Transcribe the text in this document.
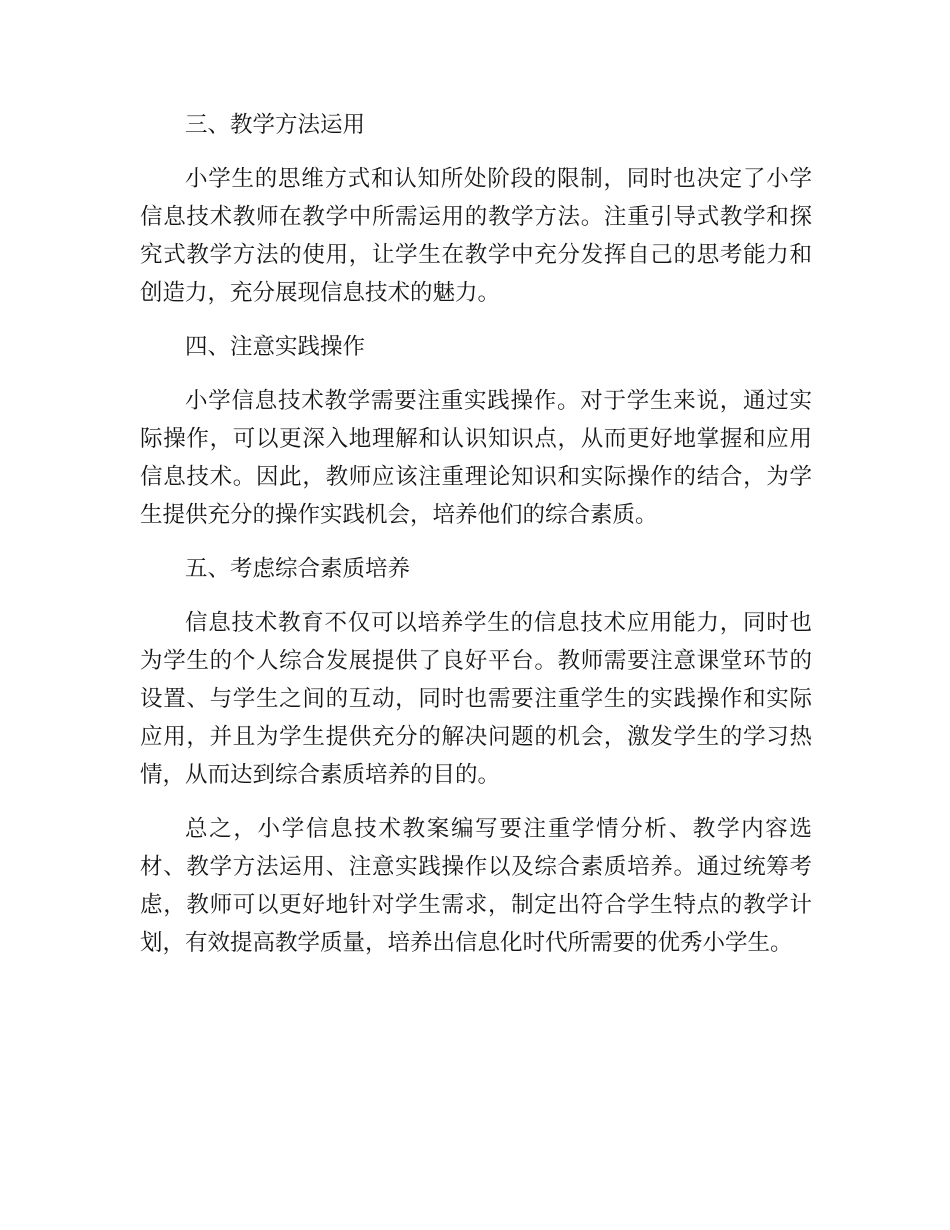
三、教学方法运用

小学生的思维方式和认知所处阶段的限制，同时也决定了小学信息技术教师在教学中所需运用的教学方法。注重引导式教学和探究式教学方法的使用，让学生在教学中充分发挥自己的思考能力和创造力，充分展现信息技术的魅力。

四、注意实践操作

小学信息技术教学需要注重实践操作。对于学生来说，通过实际操作，可以更深入地理解和认识知识点，从而更好地掌握和应用信息技术。因此，教师应该注重理论知识和实际操作的结合，为学生提供充分的操作实践机会，培养他们的综合素质。

五、考虑综合素质培养

信息技术教育不仅可以培养学生的信息技术应用能力，同时也为学生的个人综合发展提供了良好平台。教师需要注意课堂环节的设置、与学生之间的互动，同时也需要注重学生的实践操作和实际应用，并且为学生提供充分的解决问题的机会，激发学生的学习热情，从而达到综合素质培养的目的。

总之，小学信息技术教案编写要注重学情分析、教学内容选材、教学方法运用、注意实践操作以及综合素质培养。通过统筹考虑，教师可以更好地针对学生需求，制定出符合学生特点的教学计划，有效提高教学质量，培养出信息化时代所需要的优秀小学生。
